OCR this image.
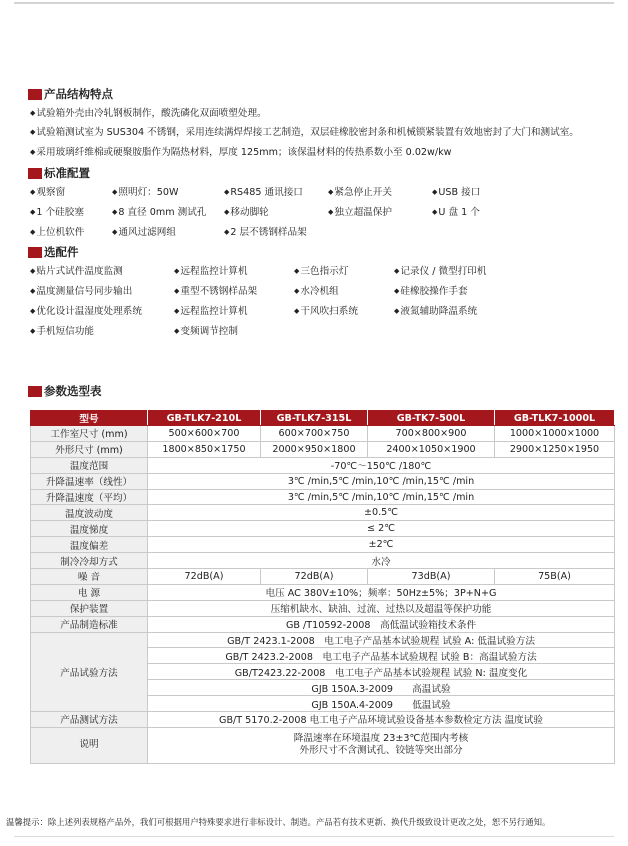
产品结构特点
◆试验箱外壳由冷轧钢板制作，酸洗磷化双面喷塑处理。
◆试验箱测试室为 SUS304 不锈钢，采用连续满焊焊接工艺制造，双层硅橡胶密封条和机械锁紧装置有效地密封了大门和测试室。
◆采用玻璃纤维棉或硬聚胺脂作为隔热材料，厚度 125mm；该保温材料的传热系数小至 0.02w/kw
标准配置
◆观察窗	◆照明灯：50W	◆RS485 通讯接口	◆紧急停止开关	◆USB 接口
◆1 个硅胶塞	◆8 直径 0mm 测试孔	◆移动脚轮	◆独立超温保护	◆U 盘 1 个
◆上位机软件	◆通风过滤网组	◆2 层不锈钢样品架
选配件
◆贴片式试件温度监测	◆远程监控计算机	◆三色指示灯	◆记录仪 / 微型打印机
◆温度测量信号同步输出	◆重型不锈钢样品架	◆水冷机组	◆硅橡胶操作手套
◆优化设计温湿度处理系统	◆远程监控计算机	◆干风吹扫系统	◆液氮辅助降温系统
◆手机短信功能	◆变频调节控制
参数选型表
型号	GB-TLK7-210L	GB-TLK7-315L	GB-TK7-500L	GB-TLK7-1000L
工作室尺寸 (mm)	500×600×700	600×700×750	700×800×900	1000×1000×1000
外形尺寸 (mm)	1800×850×1750	2000×950×1800	2400×1050×1900	2900×1250×1950
温度范围	-70℃～150℃ /180℃			
升降温速率（线性）	3℃ /min,5℃ /min,10℃ /min,15℃ /min			
升降温速度（平均）	3℃ /min,5℃ /min,10℃ /min,15℃ /min			
温度波动度	±0.5℃			
温度悌度	≤ 2℃			
温度偏差	±2℃			
制冷冷却方式	水冷			
噪 音	72dB(A)	72dB(A)	73dB(A)	75B(A)
电 源	电压 AC 380V±10%；频率：50Hz±5%；3P+N+G			
保护装置	压缩机缺水、缺油、过流、过热以及超温等保护功能			
产品制造标准	GB /T10592-2008　高低温试验箱技术条件			
产品试验方法	GB/T 2423.1-2008　电工电子产品基本试验规程 试验 A: 低温试验方法			
	GB/T 2423.2-2008　电工电子产品基本试验规程 试验 B：高温试验方法			
	GB/T2423.22-2008　电工电子产品基本试验规程 试验 N: 温度变化			
	GJB 150A.3-2009　　高温试验			
	GJB 150A.4-2009　　低温试验			
产品测试方法	GB/T 5170.2-2008 电工电子产品环境试验设备基本参数检定方法 温度试验			
说明	降温速率在环境温度 23±3℃范围内考核
外形尺寸不含测试孔、铰链等突出部分			
温馨提示：除上述列表规格产品外，我们可根据用户特殊要求进行非标设计、制造。产品若有技术更新、换代升级致设计更改之处，恕不另行通知。
